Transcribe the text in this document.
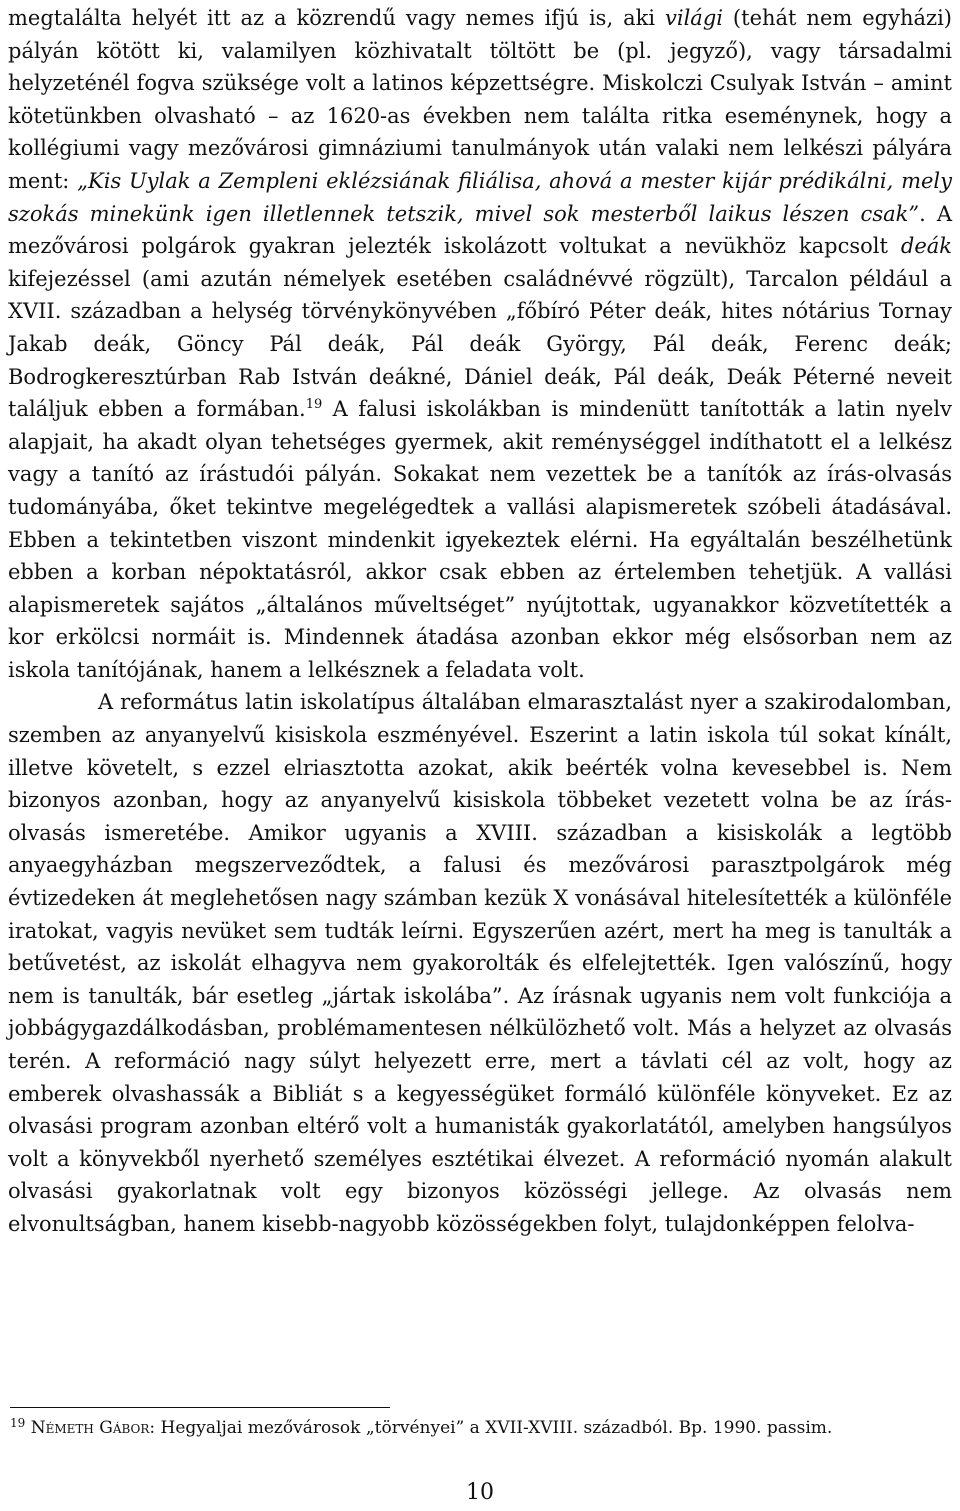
megtalálta helyét itt az a közrendű vagy nemes ifjú is, aki világi (tehát nem egyházi) pályán kötött ki, valamilyen közhivatalt töltött be (pl. jegyző), vagy társadalmi helyzeténél fogva szüksége volt a latinos képzettségre. Miskolczi Csulyak István – amint kötetünkben olvasható – az 1620-as években nem találta ritka eseménynek, hogy a kollégiumi vagy mezővárosi gimnáziumi tanulmányok után valaki nem lelkészi pályára ment: „Kis Uylak a Zempleni eklézsiának filiálisa, ahová a mester kijár prédikálni, mely szokás minekünk igen illetlennek tetszik, mivel sok mesterből laikus lészen csak”. A mezővárosi polgárok gyakran jelezték iskolázott voltukat a nevükhöz kapcsolt deák kifejezéssel (ami azután némelyek esetében családnévvé rögzült), Tarcalon például a XVII. században a helység törvénykönyvében „főbíró Péter deák, hites nótárius Tornay Jakab deák, Göncy Pál deák, Pál deák György, Pál deák, Ferenc deák; Bodrogkeresztúrban Rab István deákné, Dániel deák, Pál deák, Deák Péterné neveit találjuk ebben a formában.$^{19}$ A falusi iskolákban is mindenütt tanították a latin nyelv alapjait, ha akadt olyan tehetséges gyermek, akit reménységgel indíthatott el a lelkész vagy a tanító az írástudói pályán. Sokakat nem vezettek be a tanítók az írás-olvasás tudományába, őket tekintve megelégedtek a vallási alapismeretek szóbeli átadásával. Ebben a tekintetben viszont mindenkit igyekeztek elérni. Ha egyáltalán beszélhetünk ebben a korban népoktatásról, akkor csak ebben az értelemben tehetjük. A vallási alapismeretek sajátos „általános műveltséget” nyújtottak, ugyanakkor közvetítették a kor erkölcsi normáit is. Mindennek átadása azonban ekkor még elsősorban nem az iskola tanítójának, hanem a lelkésznek a feladata volt.

A református latin iskolatípus általában elmarasztalást nyer a szakirodalomban, szemben az anyanyelvű kisiskola eszményével. Eszerint a latin iskola túl sokat kínált, illetve követelt, s ezzel elriasztotta azokat, akik beérték volna kevesebbel is. Nem bizonyos azonban, hogy az anyanyelvű kisiskola többeket vezetett volna be az írás-olvasás ismeretébe. Amikor ugyanis a XVIII. században a kisiskolák a legtöbb anyaegyházban megszerveződtek, a falusi és mezővárosi parasztpolgárok még évtizedeken át meglehetősen nagy számban kezük X vonásával hitelesítették a különféle iratokat, vagyis nevüket sem tudták leírni. Egyszerűen azért, mert ha meg is tanulták a betűvetést, az iskolát elhagyva nem gyakorolták és elfelejtették. Igen valószínű, hogy nem is tanulták, bár esetleg „jártak iskolába”. Az írásnak ugyanis nem volt funkciója a jobbágygazdálkodásban, problémamentesen nélkülözhető volt. Más a helyzet az olvasás terén. A reformáció nagy súlyt helyezett erre, mert a távlati cél az volt, hogy az emberek olvashassák a Bibliát s a kegyességüket formáló különféle könyveket. Ez az olvasási program azonban eltérő volt a humanisták gyakorlatától, amelyben hangsúlyos volt a könyvekből nyerhető személyes esztétikai élvezet. A reformáció nyomán alakult olvasási gyakorlatnak volt egy bizonyos közösségi jellege. Az olvasás nem elvonultságban, hanem kisebb-nagyobb közösségekben folyt, tulajdonképpen felolva-

$^{19}$ Németh Gábor: Hegyaljai mezővárosok „törvényei” a XVII-XVIII. századból. Bp. 1990. passim.
10
